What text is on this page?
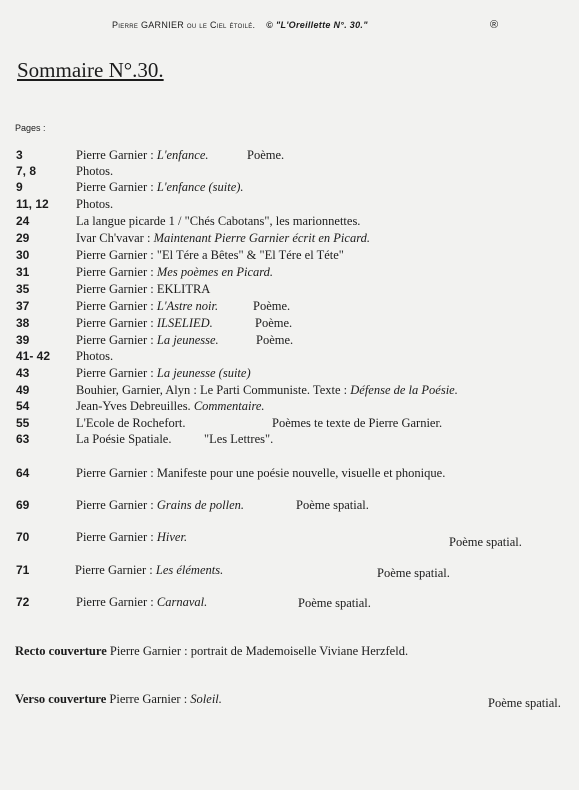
Pierre GARNIER ou le Ciel étoilé. © "L'Oreillette N°. 30."	®
Sommaire N°.30.
Pages :
3	Pierre Garnier : L'enfance.	Poème.
7, 8	Photos.
9	Pierre Garnier : L'enfance (suite).
11, 12	Photos.
24	La langue picarde 1 / "Chés Cabotans", les marionnettes.
29	Ivar Ch'vavar : Maintenant Pierre Garnier écrit en Picard.
30	Pierre Garnier : "El Tére a Bêtes" & "El Tére el Téte"
31	Pierre Garnier : Mes poèmes en Picard.
35	Pierre Garnier : EKLITRA
37	Pierre Garnier : L'Astre noir.	Poème.
38	Pierre Garnier : ILSELIED.	Poème.
39	Pierre Garnier : La jeunesse.	Poème.
41- 42	Photos.
43	Pierre Garnier : La jeunesse (suite)
49	Bouhier, Garnier, Alyn : Le Parti Communiste. Texte : Défense de la Poésie.
54	Jean-Yves Debreuilles. Commentaire.
55	L'Ecole de Rochefort.	Poèmes te texte de Pierre Garnier.
63	La Poésie Spatiale.	"Les Lettres".
64	Pierre Garnier : Manifeste pour une poésie nouvelle, visuelle et phonique.
69	Pierre Garnier : Grains de pollen.	Poème spatial.
70	Pierre Garnier : Hiver.	Poème spatial.
71	Pierre Garnier : Les éléments.	Poème spatial.
72	Pierre Garnier : Carnaval.	Poème spatial.
Recto couverture Pierre Garnier : portrait de Mademoiselle Viviane Herzfeld.
Verso couverture Pierre Garnier : Soleil.	Poème spatial.
